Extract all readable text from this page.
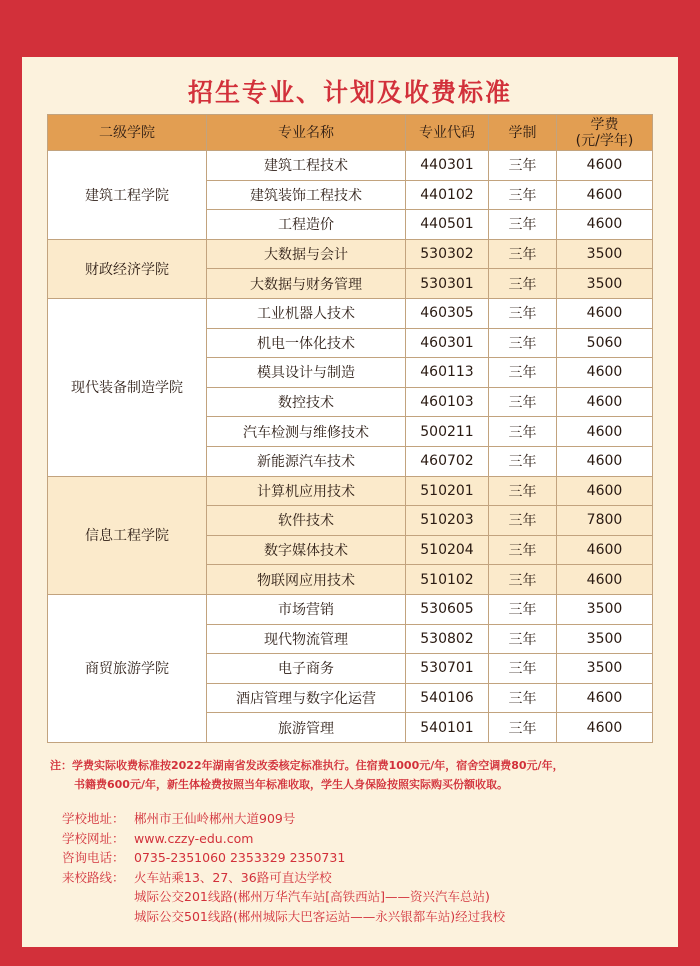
招生专业、计划及收费标准
二级学院	专业名称	专业代码	学制	学费
(元/学年)
建筑工程学院	建筑工程技术	440301	三年	4600
	建筑装饰工程技术	440102	三年	4600
	工程造价	440501	三年	4600
财政经济学院	大数据与会计	530302	三年	3500
	大数据与财务管理	530301	三年	3500
现代装备制造学院	工业机器人技术	460305	三年	4600
	机电一体化技术	460301	三年	5060
	模具设计与制造	460113	三年	4600
	数控技术	460103	三年	4600
	汽车检测与维修技术	500211	三年	4600
	新能源汽车技术	460702	三年	4600
信息工程学院	计算机应用技术	510201	三年	4600
	软件技术	510203	三年	7800
	数字媒体技术	510204	三年	4600
	物联网应用技术	510102	三年	4600
商贸旅游学院	市场营销	530605	三年	3500
	现代物流管理	530802	三年	3500
	电子商务	530701	三年	3500
	酒店管理与数字化运营	540106	三年	4600
	旅游管理	540101	三年	4600
注：学费实际收费标准按2022年湖南省发改委核定标准执行。住宿费1000元/年，宿舍空调费80元/年，
书籍费600元/年，新生体检费按照当年标准收取，学生人身保险按照实际购买份额收取。
学校地址： 郴州市王仙岭郴州大道909号
学校网址： www.czzy-edu.com
咨询电话： 0735-2351060 2353329 2350731
来校路线： 火车站乘13、27、36路可直达学校
城际公交201线路(郴州万华汽车站[高铁西站]——资兴汽车总站)
城际公交501线路(郴州城际大巴客运站——永兴银都车站)经过我校
